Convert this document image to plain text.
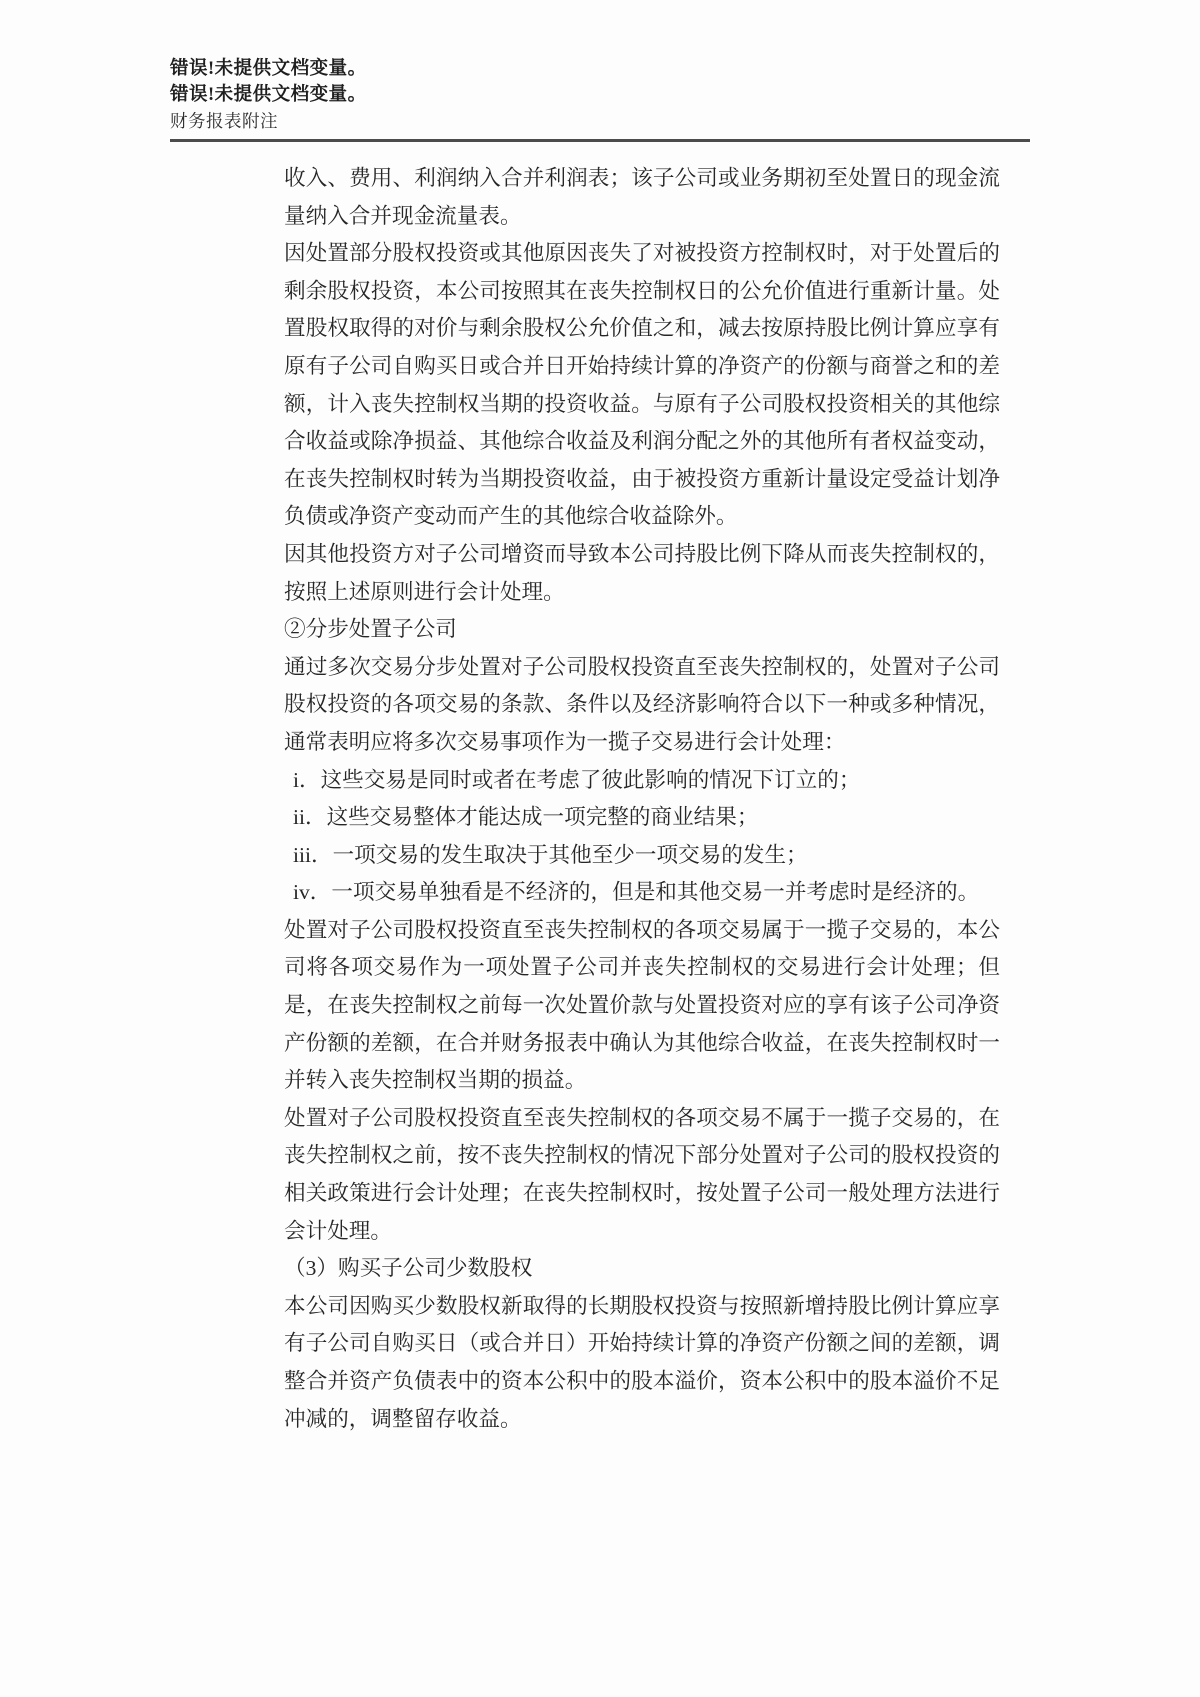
错误!未提供文档变量。
错误!未提供文档变量。
财务报表附注

收入、费用、利润纳入合并利润表；该子公司或业务期初至处置日的现金流量纳入合并现金流量表。

因处置部分股权投资或其他原因丧失了对被投资方控制权时，对于处置后的剩余股权投资，本公司按照其在丧失控制权日的公允价值进行重新计量。处置股权取得的对价与剩余股权公允价值之和，减去按原持股比例计算应享有原有子公司自购买日或合并日开始持续计算的净资产的份额与商誉之和的差额，计入丧失控制权当期的投资收益。与原有子公司股权投资相关的其他综合收益或除净损益、其他综合收益及利润分配之外的其他所有者权益变动，在丧失控制权时转为当期投资收益，由于被投资方重新计量设定受益计划净负债或净资产变动而产生的其他综合收益除外。

因其他投资方对子公司增资而导致本公司持股比例下降从而丧失控制权的，按照上述原则进行会计处理。

②分步处置子公司

通过多次交易分步处置对子公司股权投资直至丧失控制权的，处置对子公司股权投资的各项交易的条款、条件以及经济影响符合以下一种或多种情况，通常表明应将多次交易事项作为一揽子交易进行会计处理：

i．这些交易是同时或者在考虑了彼此影响的情况下订立的；

ii．这些交易整体才能达成一项完整的商业结果；

iii．一项交易的发生取决于其他至少一项交易的发生；

iv．一项交易单独看是不经济的，但是和其他交易一并考虑时是经济的。

处置对子公司股权投资直至丧失控制权的各项交易属于一揽子交易的，本公司将各项交易作为一项处置子公司并丧失控制权的交易进行会计处理；但是，在丧失控制权之前每一次处置价款与处置投资对应的享有该子公司净资产份额的差额，在合并财务报表中确认为其他综合收益，在丧失控制权时一并转入丧失控制权当期的损益。

处置对子公司股权投资直至丧失控制权的各项交易不属于一揽子交易的，在丧失控制权之前，按不丧失控制权的情况下部分处置对子公司的股权投资的相关政策进行会计处理；在丧失控制权时，按处置子公司一般处理方法进行会计处理。

（3）购买子公司少数股权

本公司因购买少数股权新取得的长期股权投资与按照新增持股比例计算应享有子公司自购买日（或合并日）开始持续计算的净资产份额之间的差额，调整合并资产负债表中的资本公积中的股本溢价，资本公积中的股本溢价不足冲减的，调整留存收益。
